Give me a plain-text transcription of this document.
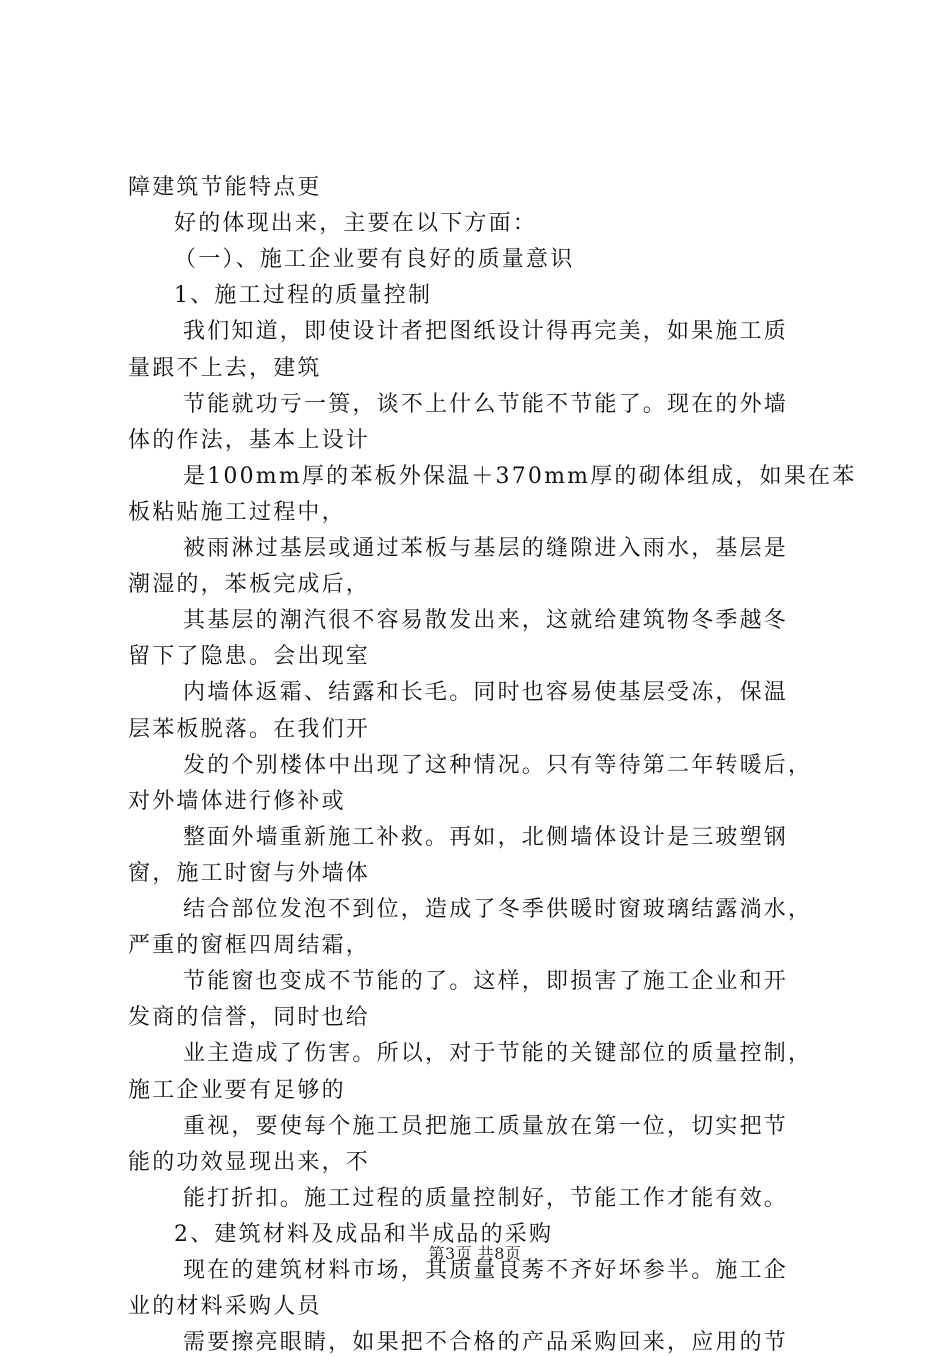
障建筑节能特点更
好的体现出来，主要在以下方面：
（一）、施工企业要有良好的质量意识
1、施工过程的质量控制
我们知道，即使设计者把图纸设计得再完美，如果施工质
量跟不上去，建筑
节能就功亏一篑，谈不上什么节能不节能了。现在的外墙
体的作法，基本上设计
是100mm厚的苯板外保温＋370mm厚的砌体组成，如果在苯
板粘贴施工过程中，
被雨淋过基层或通过苯板与基层的缝隙进入雨水，基层是
潮湿的，苯板完成后，
其基层的潮汽很不容易散发出来，这就给建筑物冬季越冬
留下了隐患。会出现室
内墙体返霜、结露和长毛。同时也容易使基层受冻，保温
层苯板脱落。在我们开
发的个别楼体中出现了这种情况。只有等待第二年转暖后，
对外墙体进行修补或
整面外墙重新施工补救。再如，北侧墙体设计是三玻塑钢
窗，施工时窗与外墙体
结合部位发泡不到位，造成了冬季供暖时窗玻璃结露淌水，
严重的窗框四周结霜，
节能窗也变成不节能的了。这样，即损害了施工企业和开
发商的信誉，同时也给
业主造成了伤害。所以，对于节能的关键部位的质量控制，
施工企业要有足够的
重视，要使每个施工员把施工质量放在第一位，切实把节
能的功效显现出来，不
能打折扣。施工过程的质量控制好，节能工作才能有效。
2、建筑材料及成品和半成品的采购
现在的建筑材料市场，其质量良莠不齐好坏参半。施工企
业的材料采购人员
需要擦亮眼睛，如果把不合格的产品采购回来，应用的节
第3页 共8页
